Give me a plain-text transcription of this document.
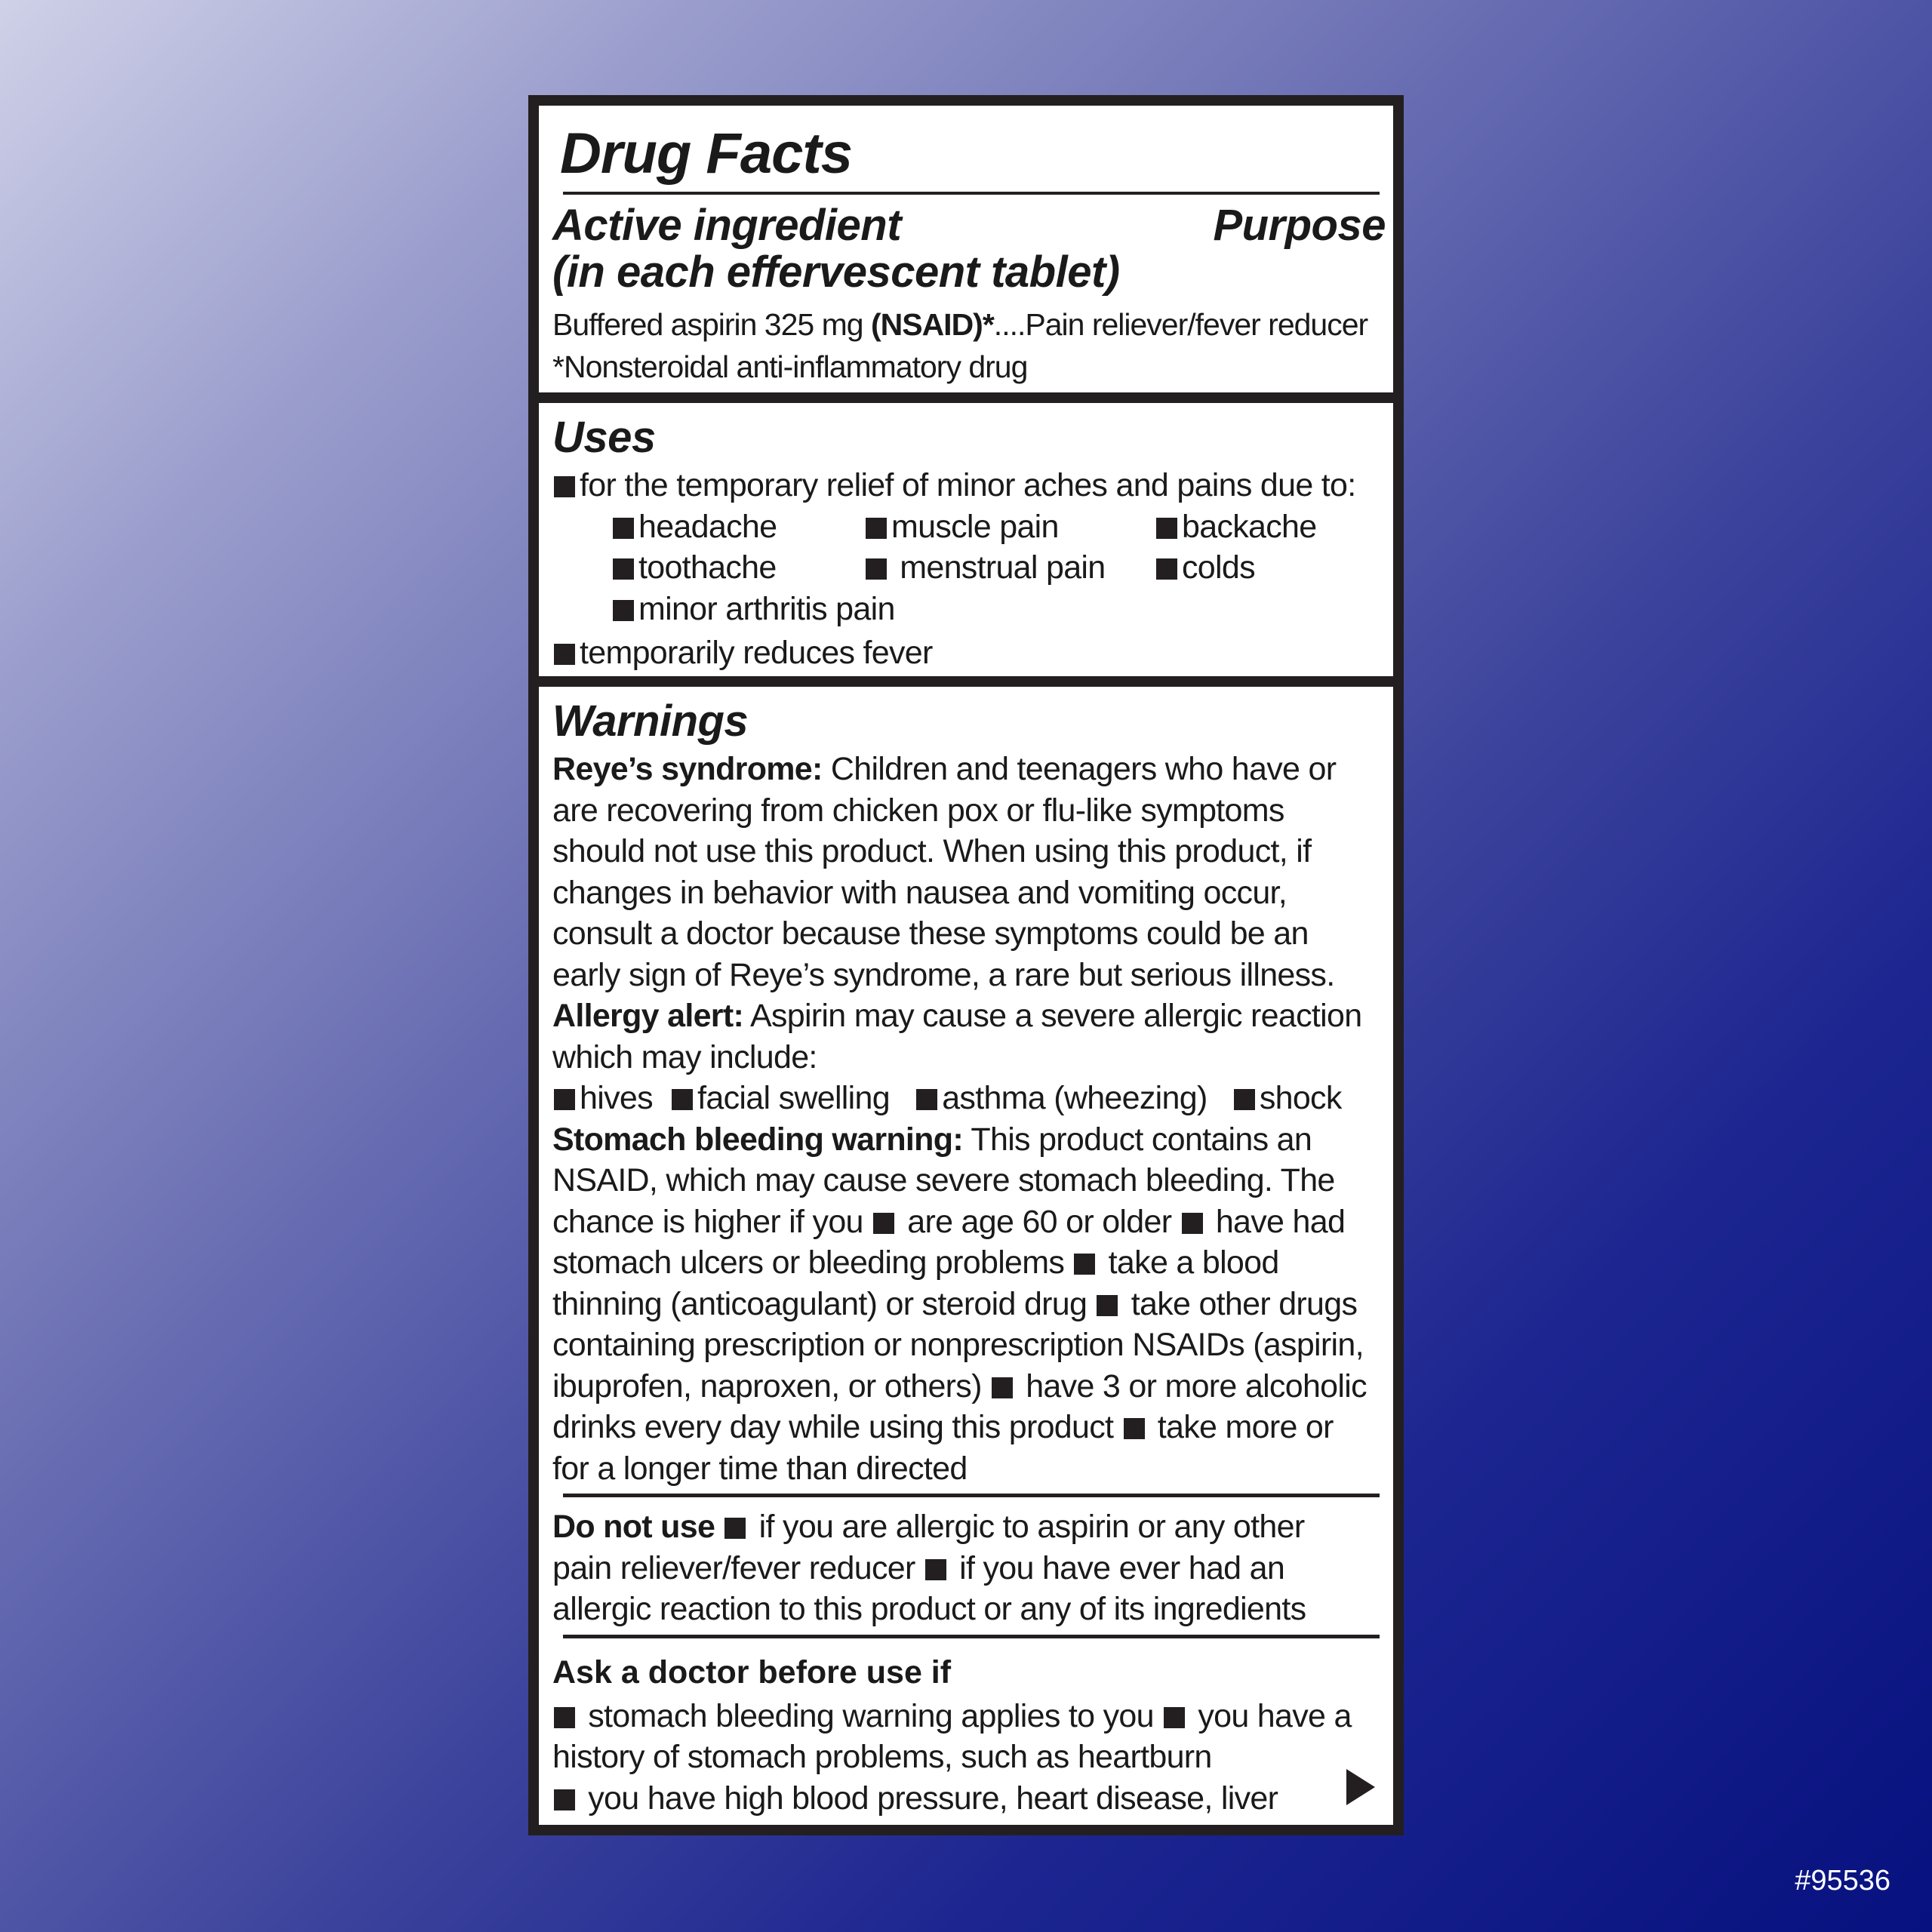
Drug Facts
Active ingredient	Purpose
(in each effervescent tablet)
Buffered aspirin 325 mg (NSAID)*....Pain reliever/fever reducer
*Nonsteroidal anti-inflammatory drug
Uses
for the temporary relief of minor aches and pains due to:
headache	muscle pain	backache
toothache	menstrual pain	colds
minor arthritis pain
temporarily reduces fever
Warnings
Reye’s syndrome: Children and teenagers who have or
are recovering from chicken pox or flu-like symptoms
should not use this product. When using this product, if
changes in behavior with nausea and vomiting occur,
consult a doctor because these symptoms could be an
early sign of Reye’s syndrome, a rare but serious illness.
Allergy alert: Aspirin may cause a severe allergic reaction
which may include:
hives facial swelling asthma (wheezing) shock
Stomach bleeding warning: This product contains an
NSAID, which may cause severe stomach bleeding. The
chance is higher if you  are age 60 or older  have had
stomach ulcers or bleeding problems  take a blood
thinning (anticoagulant) or steroid drug  take other drugs
containing prescription or nonprescription NSAIDs (aspirin,
ibuprofen, naproxen, or others)  have 3 or more alcoholic
drinks every day while using this product  take more or
for a longer time than directed
Do not use  if you are allergic to aspirin or any other
pain reliever/fever reducer  if you have ever had an
allergic reaction to this product or any of its ingredients
Ask a doctor before use if
stomach bleeding warning applies to you  you have a
history of stomach problems, such as heartburn
you have high blood pressure, heart disease, liver
#95536
